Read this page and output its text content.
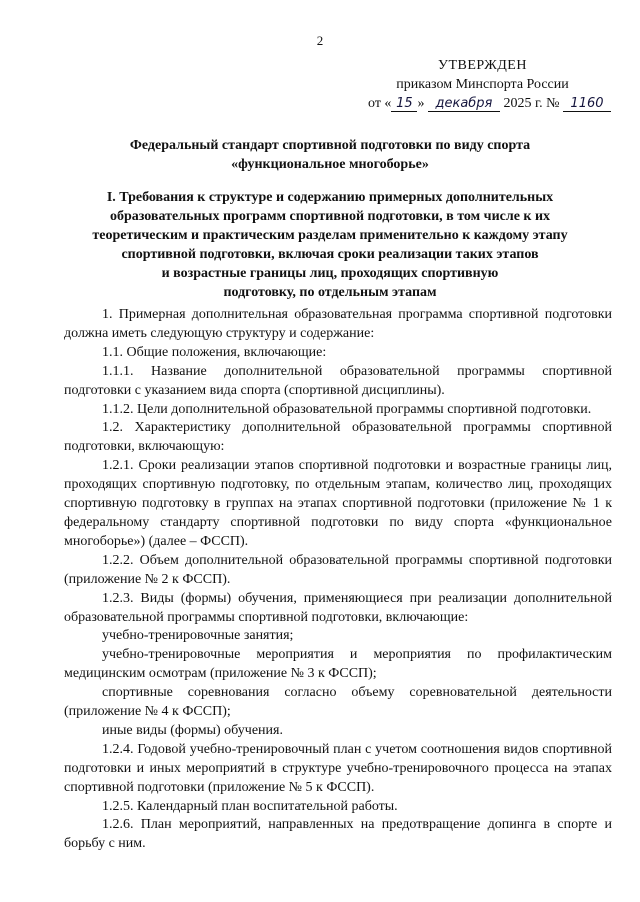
2
УТВЕРЖДЕН
приказом Минспорта России
от « 15 » декабря 2025 г. № 1160
Федеральный стандарт спортивной подготовки по виду спорта
«функциональное многоборье»
I. Требования к структуре и содержанию примерных дополнительных
образовательных программ спортивной подготовки, в том числе к их
теоретическим и практическим разделам применительно к каждому этапу
спортивной подготовки, включая сроки реализации таких этапов
и возрастные границы лиц, проходящих спортивную
подготовку, по отдельным этапам

1. Примерная дополнительная образовательная программа спортивной подготовки должна иметь следующую структуру и содержание:

1.1. Общие положения, включающие:

1.1.1. Название дополнительной образовательной программы спортивной подготовки с указанием вида спорта (спортивной дисциплины).

1.1.2. Цели дополнительной образовательной программы спортивной подготовки.

1.2. Характеристику дополнительной образовательной программы спортивной подготовки, включающую:

1.2.1. Сроки реализации этапов спортивной подготовки и возрастные границы лиц, проходящих спортивную подготовку, по отдельным этапам, количество лиц, проходящих спортивную подготовку в группах на этапах спортивной подготовки (приложение № 1 к федеральному стандарту спортивной подготовки по виду спорта «функциональное многоборье») (далее – ФССП).

1.2.2. Объем дополнительной образовательной программы спортивной подготовки (приложение № 2 к ФССП).

1.2.3. Виды (формы) обучения, применяющиеся при реализации дополнительной образовательной программы спортивной подготовки, включающие:

учебно-тренировочные занятия;

учебно-тренировочные мероприятия и мероприятия по профилактическим медицинским осмотрам (приложение № 3 к ФССП);

спортивные соревнования согласно объему соревновательной деятельности (приложение № 4 к ФССП);

иные виды (формы) обучения.

1.2.4. Годовой учебно-тренировочный план с учетом соотношения видов спортивной подготовки и иных мероприятий в структуре учебно-тренировочного процесса на этапах спортивной подготовки (приложение № 5 к ФССП).

1.2.5. Календарный план воспитательной работы.

1.2.6. План мероприятий, направленных на предотвращение допинга в спорте и борьбу с ним.
